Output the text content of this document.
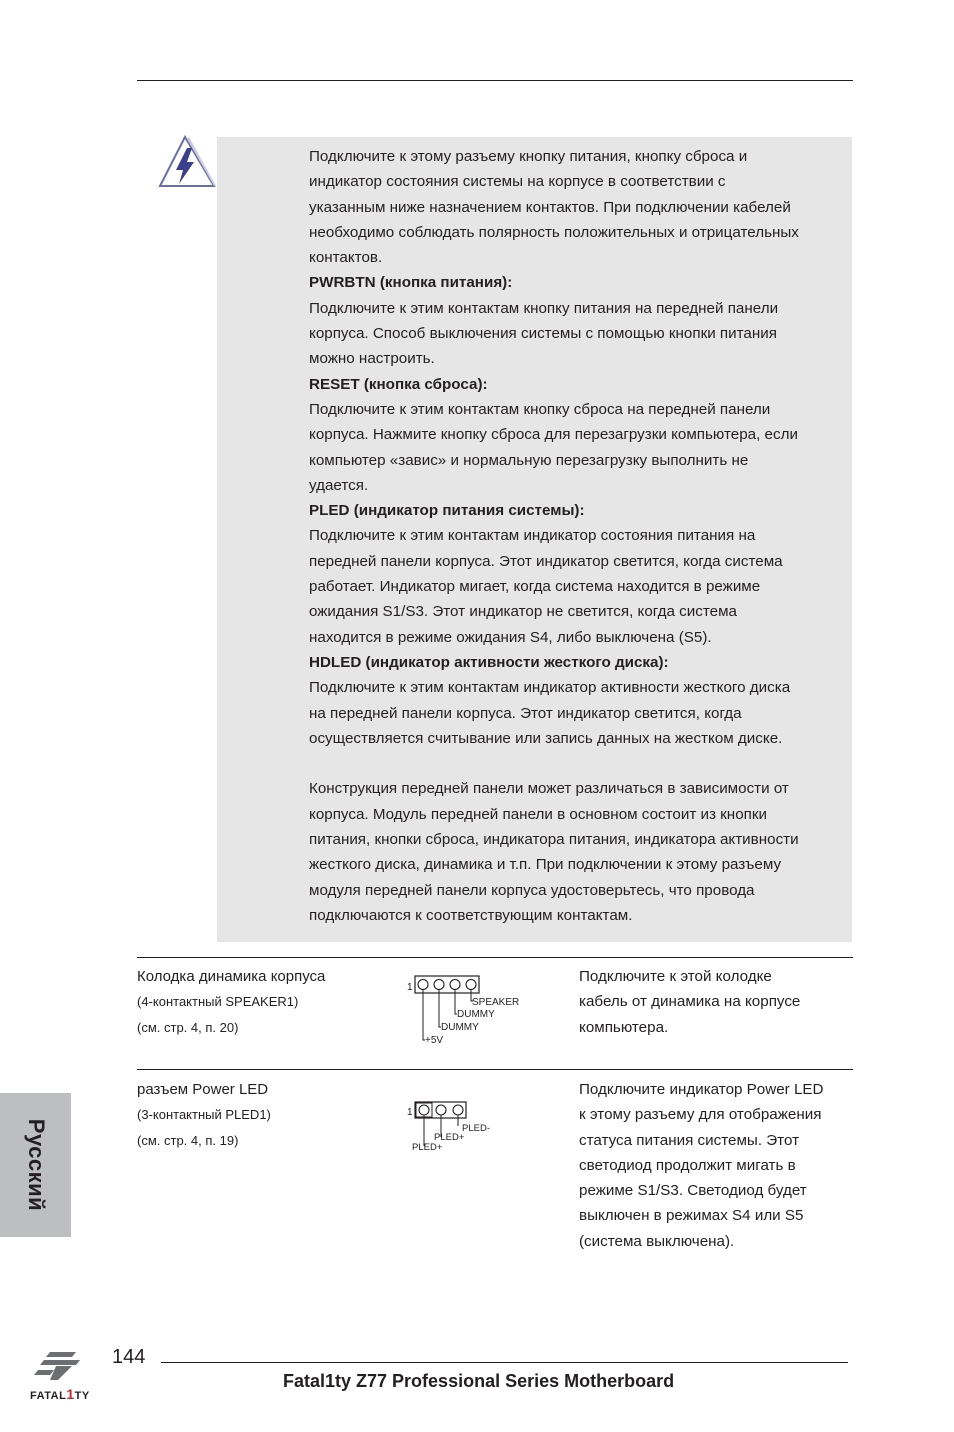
Подключите к этому разъему кнопку питания, кнопку сброса и

индикатор состояния системы на корпусе в соответствии с

указанным ниже назначением контактов. При подключении кабелей

необходимо соблюдать полярность положительных и отрицательных

контактов.

PWRBTN (кнопка питания):

Подключите к этим контактам кнопку питания на передней панели

корпуса. Способ выключения системы с помощью кнопки питания

можно настроить.

RESET (кнопка сброса):

Подключите к этим контактам кнопку сброса на передней панели

корпуса. Нажмите кнопку сброса для перезагрузки компьютера, если

компьютер «завис» и нормальную перезагрузку выполнить не

удается.

PLED (индикатор питания системы):

Подключите к этим контактам индикатор состояния питания на

передней панели корпуса. Этот индикатор светится, когда система

работает. Индикатор мигает, когда система находится в режиме

ожидания S1/S3. Этот индикатор не светится, когда система

находится в режиме ожидания S4, либо выключена (S5).

HDLED (индикатор активности жесткого диска):

Подключите к этим контактам индикатор активности жесткого диска

на передней панели корпуса. Этот индикатор светится, когда

осуществляется считывание или запись данных на жестком диске.

Конструкция передней панели может различаться в зависимости от

корпуса. Модуль передней панели в основном состоит из кнопки

питания, кнопки сброса, индикатора питания, индикатора активности

жесткого диска, динамика и т.п. При подключении к этому разъему

модуля передней панели корпуса удостоверьтесь, что провода

подключаются к соответствующим контактам.

Колодка динамика корпуса
(4-контактный SPEAKER1)
(см. стр. 4, п. 20)
1
SPEAKER
DUMMY
DUMMY
+5V
Подключите к этой колодке
кабель от динамика на корпусе
компьютера.
разъем Power LED
(3-контактный PLED1)
(см. стр. 4, п. 19)
1
PLED-
PLED+
PLED+
Подключите индикатор Power LED
к этому разъему для отображения
статуса питания системы. Этот
светодиод продолжит мигать в
режиме S1/S3. Светодиод будет
выключен в режимах S4 или S5
(система выключена).
Русский
FATAL1TY
144
Fatal1ty Z77 Professional Series Motherboard
